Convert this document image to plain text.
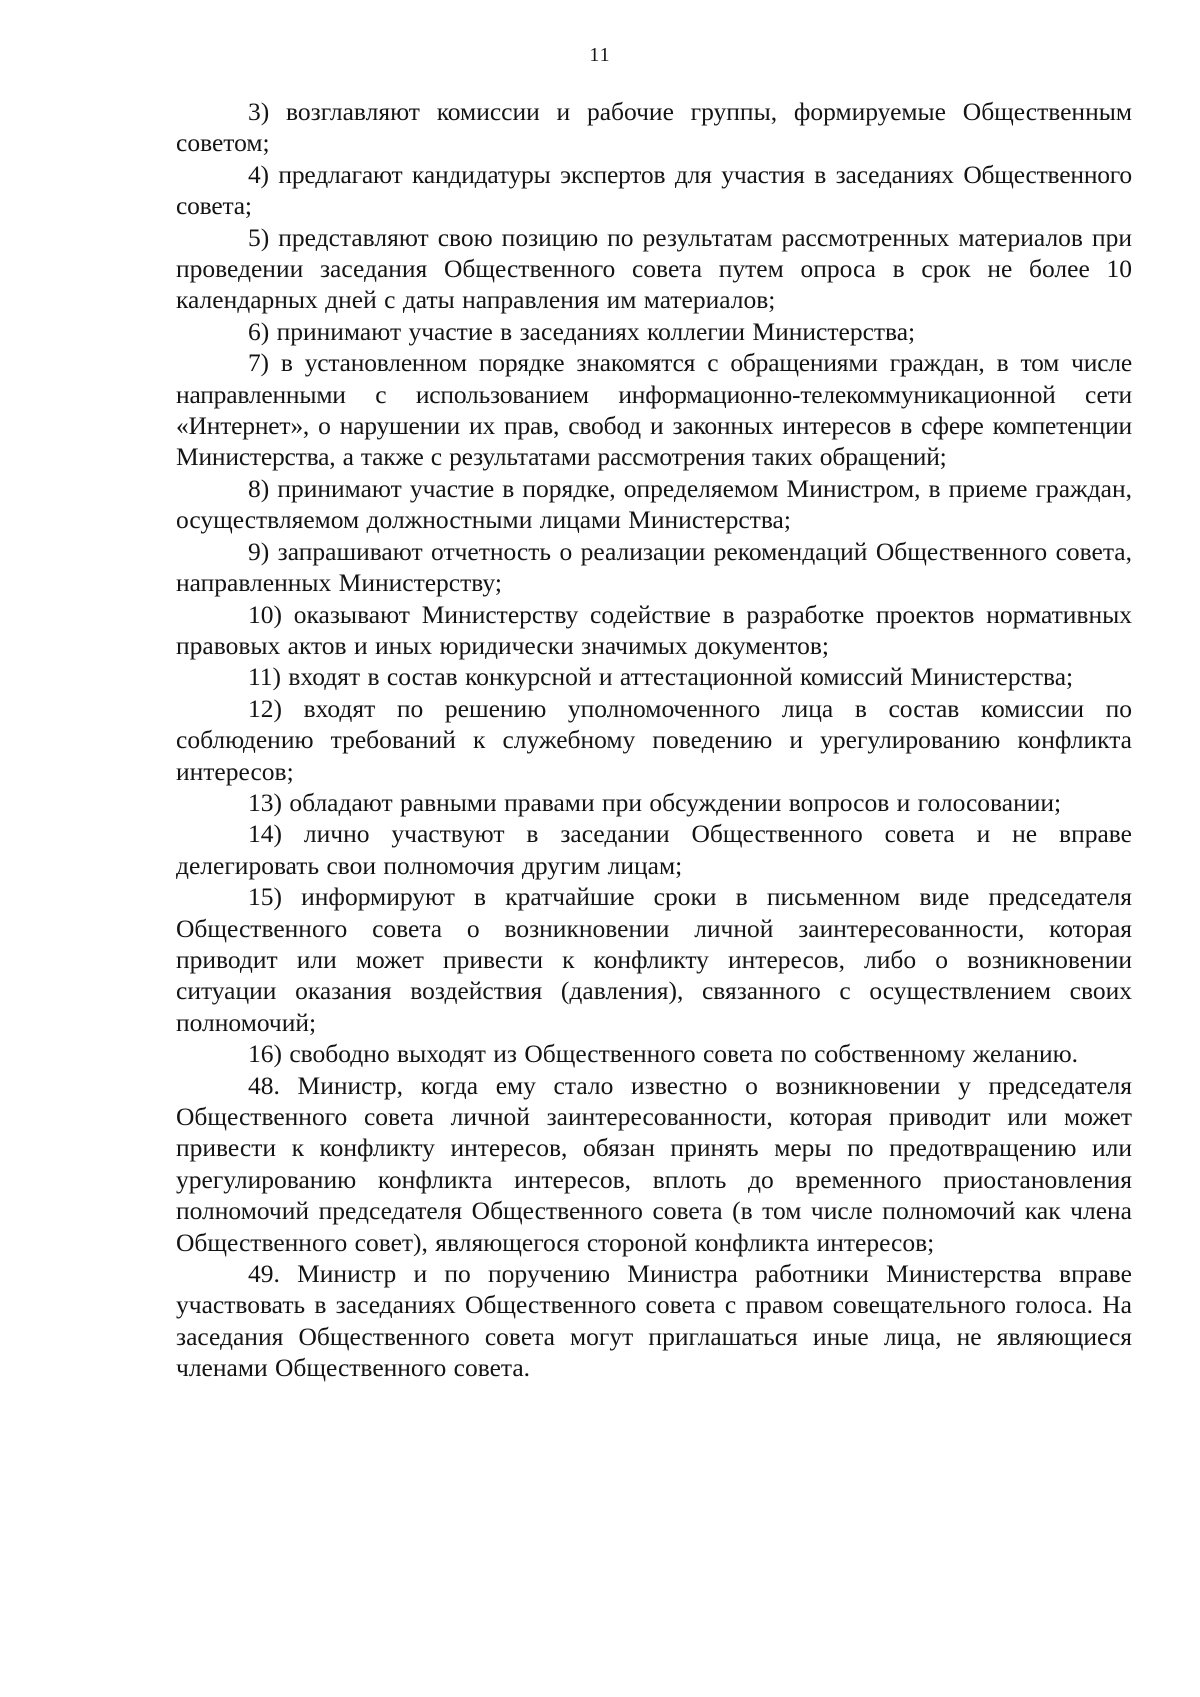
11

3) возглавляют комиссии и рабочие группы, формируемые Общественным советом;

4) предлагают кандидатуры экспертов для участия в заседаниях Общественного совета;

5) представляют свою позицию по результатам рассмотренных материалов при проведении заседания Общественного совета путем опроса в срок не более 10 календарных дней с даты направления им материалов;

6) принимают участие в заседаниях коллегии Министерства;

7) в установленном порядке знакомятся с обращениями граждан, в том числе направленными с использованием информационно-телекоммуникационной сети «Интернет», о нарушении их прав, свобод и законных интересов в сфере компетенции Министерства, а также с результатами рассмотрения таких обращений;

8) принимают участие в порядке, определяемом Министром, в приеме граждан, осуществляемом должностными лицами Министерства;

9) запрашивают отчетность о реализации рекомендаций Общественного совета, направленных Министерству;

10) оказывают Министерству содействие в разработке проектов нормативных правовых актов и иных юридически значимых документов;

11) входят в состав конкурсной и аттестационной комиссий Министерства;

12) входят по решению уполномоченного лица в состав комиссии по соблюдению требований к служебному поведению и урегулированию конфликта интересов;

13) обладают равными правами при обсуждении вопросов и голосовании;

14) лично участвуют в заседании Общественного совета и не вправе делегировать свои полномочия другим лицам;

15) информируют в кратчайшие сроки в письменном виде председателя Общественного совета о возникновении личной заинтересованности, которая приводит или может привести к конфликту интересов, либо о возникновении ситуации оказания воздействия (давления), связанного с осуществлением своих полномочий;

16) свободно выходят из Общественного совета по собственному желанию.

48. Министр, когда ему стало известно о возникновении у председателя Общественного совета личной заинтересованности, которая приводит или может привести к конфликту интересов, обязан принять меры по предотвращению или урегулированию конфликта интересов, вплоть до временного приостановления полномочий председателя Общественного совета (в том числе полномочий как члена Общественного совет), являющегося стороной конфликта интересов;

49. Министр и по поручению Министра работники Министерства вправе участвовать в заседаниях Общественного совета с правом совещательного голоса. На заседания Общественного совета могут приглашаться иные лица, не являющиеся членами Общественного совета.
